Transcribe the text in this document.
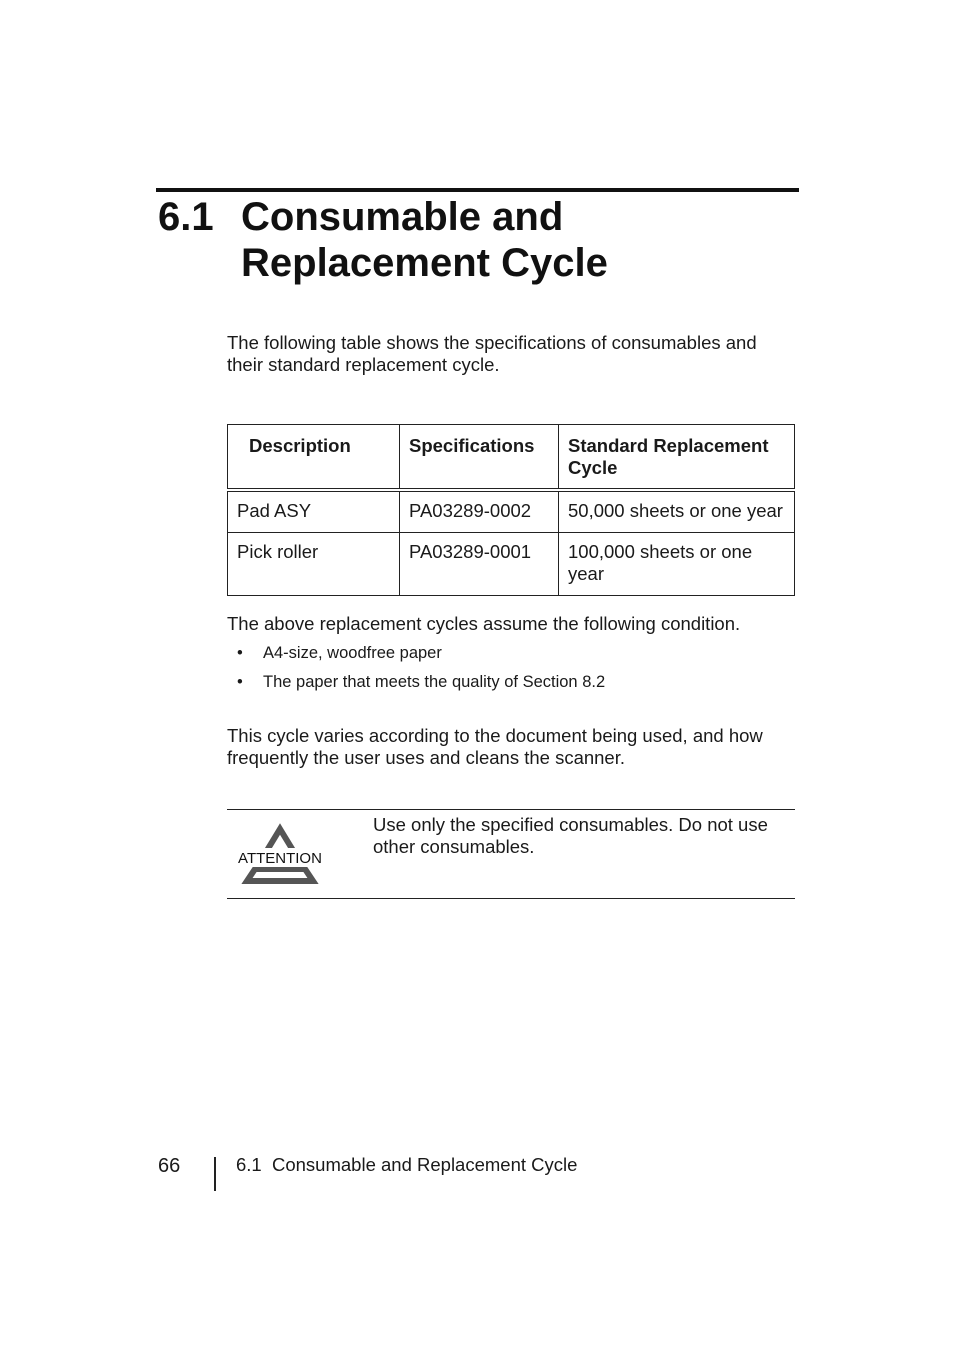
6.1 Consumable and Replacement Cycle

The following table shows the specifications of consumables and their standard replacement cycle.

Description	Specifications	Standard Replacement Cycle
Pad ASY	PA03289-0002	50,000 sheets or one year
Pick roller	PA03289-0001	100,000 sheets or one year

The above replacement cycles assume the following condition.

• A4-size, woodfree paper
• The paper that meets the quality of Section 8.2

This cycle varies according to the document being used, and how frequently the user uses and cleans the scanner.

ATTENTION
Use only the specified consumables. Do not use other consumables.
66	6.1  Consumable and Replacement Cycle
